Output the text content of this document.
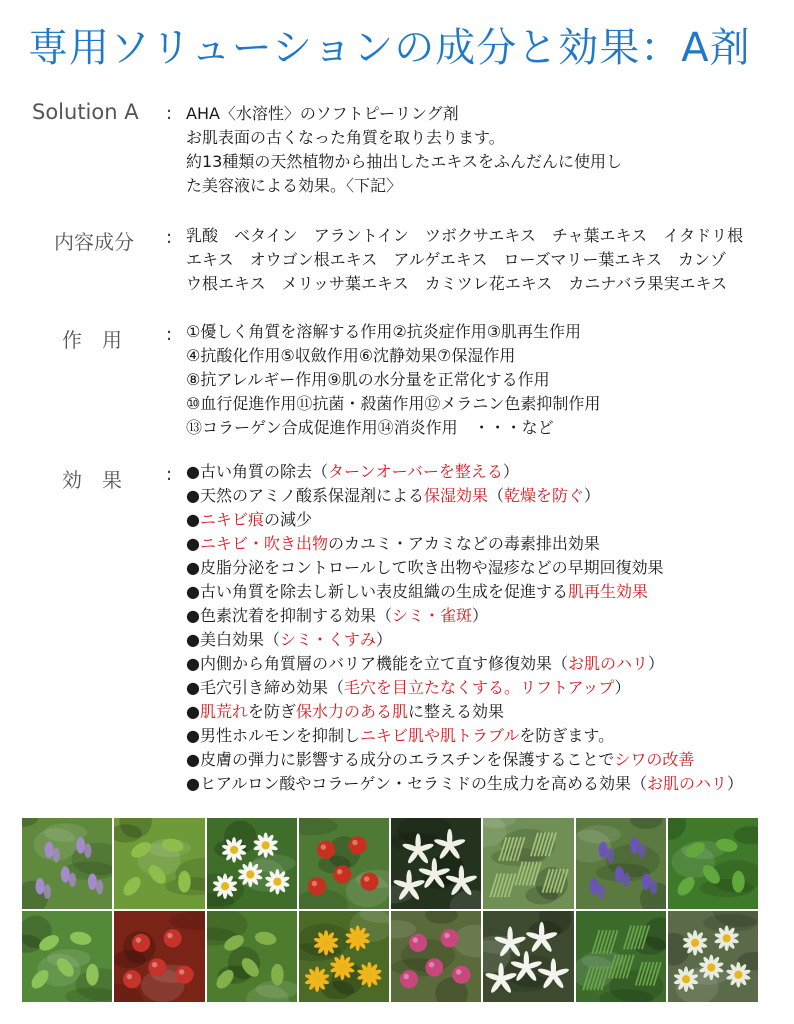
専用ソリューションの成分と効果：A剤
Solution A : AHA〈水溶性〉のソフトピーリング剤
お肌表面の古くなった角質を取り去ります。
約13種類の天然植物から抽出したエキスをふんだんに使用し
た美容液による効果。〈下記〉
内容成分 : 乳酸　ベタイン　アラントイン　ツボクサエキス　チャ葉エキス　イタドリ根
エキス　オウゴン根エキス　アルゲエキス　ローズマリー葉エキス　カンゾ
ウ根エキス　メリッサ葉エキス　カミツレ花エキス　カニナバラ果実エキス
作　用 : ①優しく角質を溶解する作用②抗炎症作用③肌再生作用
④抗酸化作用⑤収斂作用⑥沈静効果⑦保湿作用
⑧抗アレルギー作用⑨肌の水分量を正常化する作用
⑩血行促進作用⑪抗菌・殺菌作用⑫メラニン色素抑制作用
⑬コラーゲン合成促進作用⑭消炎作用　・・・など
効　果 : ●古い角質の除去（ターンオーバーを整える）
●天然のアミノ酸系保湿剤による保湿効果（乾燥を防ぐ）
●ニキビ痕の減少
●ニキビ・吹き出物のカユミ・アカミなどの毒素排出効果
●皮脂分泌をコントロールして吹き出物や湿疹などの早期回復効果
●古い角質を除去し新しい表皮組織の生成を促進する肌再生効果
●色素沈着を抑制する効果（シミ・雀斑）
●美白効果（シミ・くすみ）
●内側から角質層のバリア機能を立て直す修復効果（お肌のハリ）
●毛穴引き締め効果（毛穴を目立たなくする。リフトアップ）
●肌荒れを防ぎ保水力のある肌に整える効果
●男性ホルモンを抑制しニキビ肌や肌トラブルを防ぎます。
●皮膚の弾力に影響する成分のエラスチンを保護することでシワの改善
●ヒアルロン酸やコラーゲン・セラミドの生成力を高める効果（お肌のハリ）
